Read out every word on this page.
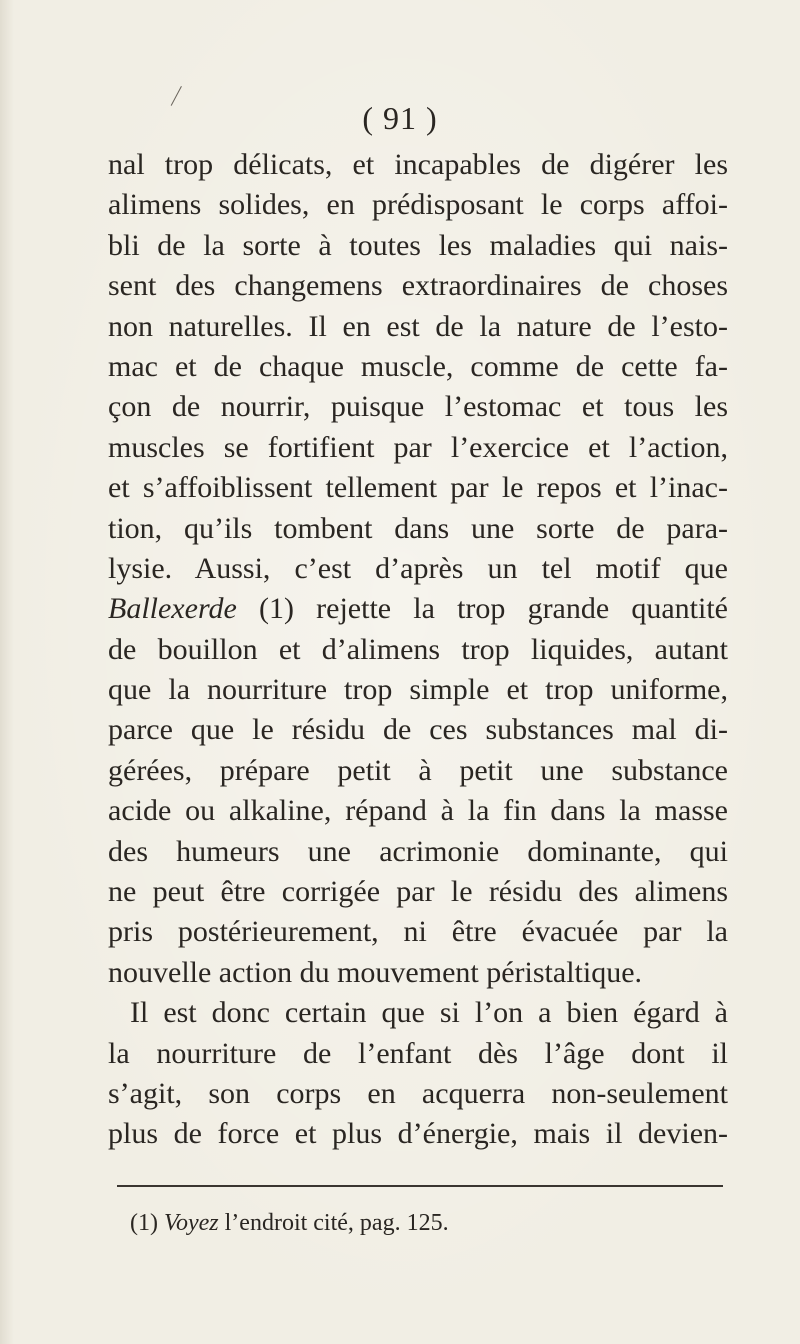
( 91 )
nal trop délicats, et incapables de digérer les
alimens solides, en prédisposant le corps affoi-
bli de la sorte à toutes les maladies qui nais-
sent des changemens extraordinaires de choses
non naturelles. Il en est de la nature de l’esto-
mac et de chaque muscle, comme de cette fa-
çon de nourrir, puisque l’estomac et tous les
muscles se fortifient par l’exercice et l’action,
et s’affoiblissent tellement par le repos et l’inac-
tion, qu’ils tombent dans une sorte de para-
lysie. Aussi, c’est d’après un tel motif que
Ballexerde (1) rejette la trop grande quantité
de bouillon et d’alimens trop liquides, autant
que la nourriture trop simple et trop uniforme,
parce que le résidu de ces substances mal di-
gérées, prépare petit à petit une substance
acide ou alkaline, répand à la fin dans la masse
des humeurs une acrimonie dominante, qui
ne peut être corrigée par le résidu des alimens
pris postérieurement, ni être évacuée par la
nouvelle action du mouvement péristaltique.
Il est donc certain que si l’on a bien égard à
la nourriture de l’enfant dès l’âge dont il
s’agit, son corps en acquerra non-seulement
plus de force et plus d’énergie, mais il devien-
(1) Voyez l’endroit cité, pag. 125.
